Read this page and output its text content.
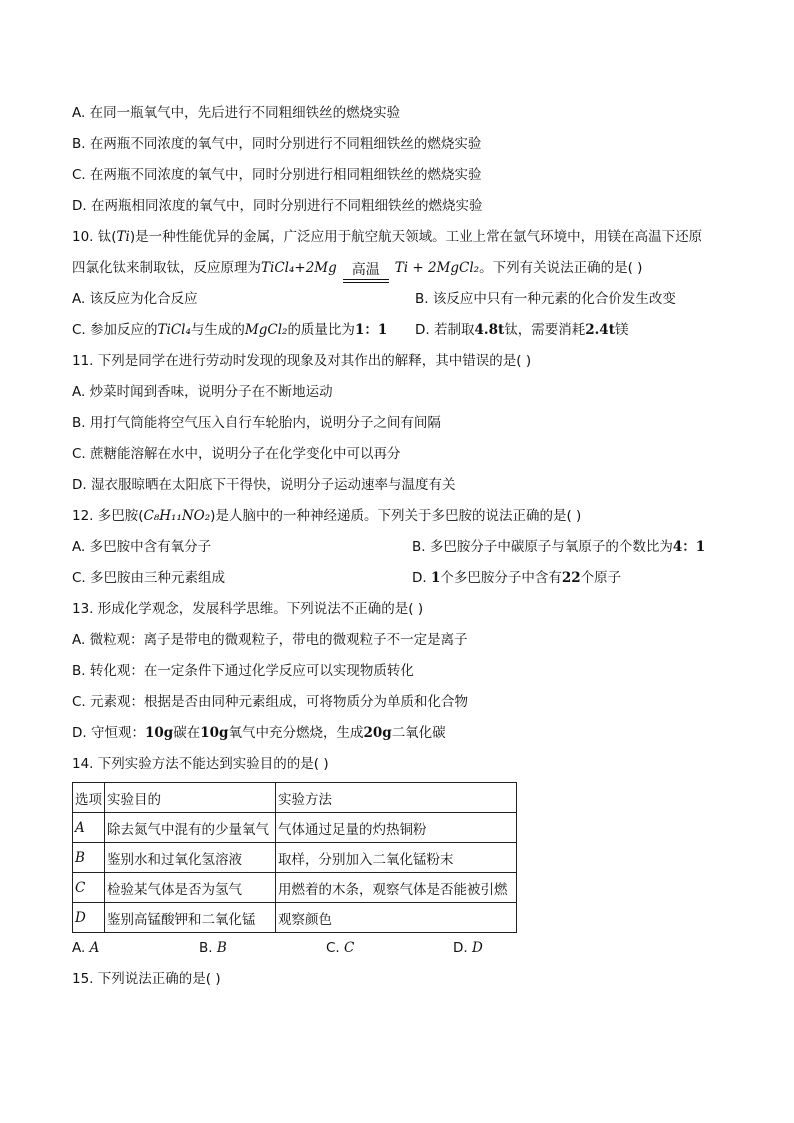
A. 在同一瓶氧气中，先后进行不同粗细铁丝的燃烧实验
B. 在两瓶不同浓度的氧气中，同时分别进行不同粗细铁丝的燃烧实验
C. 在两瓶不同浓度的氧气中，同时分别进行相同粗细铁丝的燃烧实验
D. 在两瓶相同浓度的氧气中，同时分别进行不同粗细铁丝的燃烧实验
10. 钛(Ti)是一种性能优异的金属，广泛应用于航空航天领域。工业上常在氩气环境中，用镁在高温下还原
四氯化钛来制取钛，反应原理为TiCl₄+2Mg	高温	Ti + 2MgCl₂。下列有关说法正确的是( )
A. 该反应为化合反应	B. 该反应中只有一种元素的化合价发生改变
C. 参加反应的TiCl₄与生成的MgCl₂的质量比为1：1	D. 若制取4.8t钛，需要消耗2.4t镁
11. 下列是同学在进行劳动时发现的现象及对其作出的解释，其中错误的是( )
A. 炒菜时闻到香味，说明分子在不断地运动
B. 用打气筒能将空气压入自行车轮胎内，说明分子之间有间隔
C. 蔗糖能溶解在水中，说明分子在化学变化中可以再分
D. 湿衣服晾晒在太阳底下干得快，说明分子运动速率与温度有关
12. 多巴胺(C₈H₁₁NO₂)是人脑中的一种神经递质。下列关于多巴胺的说法正确的是( )
A. 多巴胺中含有氧分子	B. 多巴胺分子中碳原子与氧原子的个数比为4：1
C. 多巴胺由三种元素组成	D. 1个多巴胺分子中含有22个原子
13. 形成化学观念，发展科学思维。下列说法不正确的是( )
A. 微粒观：离子是带电的微观粒子，带电的微观粒子不一定是离子
B. 转化观：在一定条件下通过化学反应可以实现物质转化
C. 元素观：根据是否由同种元素组成，可将物质分为单质和化合物
D. 守恒观：10g碳在10g氧气中充分燃烧，生成20g二氧化碳
14. 下列实验方法不能达到实验目的的是( )
选项	实验目的	实验方法
A	除去氮气中混有的少量氧气	气体通过足量的灼热铜粉
B	鉴别水和过氧化氢溶液	取样，分别加入二氧化锰粉末
C	检验某气体是否为氢气	用燃着的木条，观察气体是否能被引燃
D	鉴别高锰酸钾和二氧化锰	观察颜色
A. A	B. B	C. C	D. D
15. 下列说法正确的是( )
